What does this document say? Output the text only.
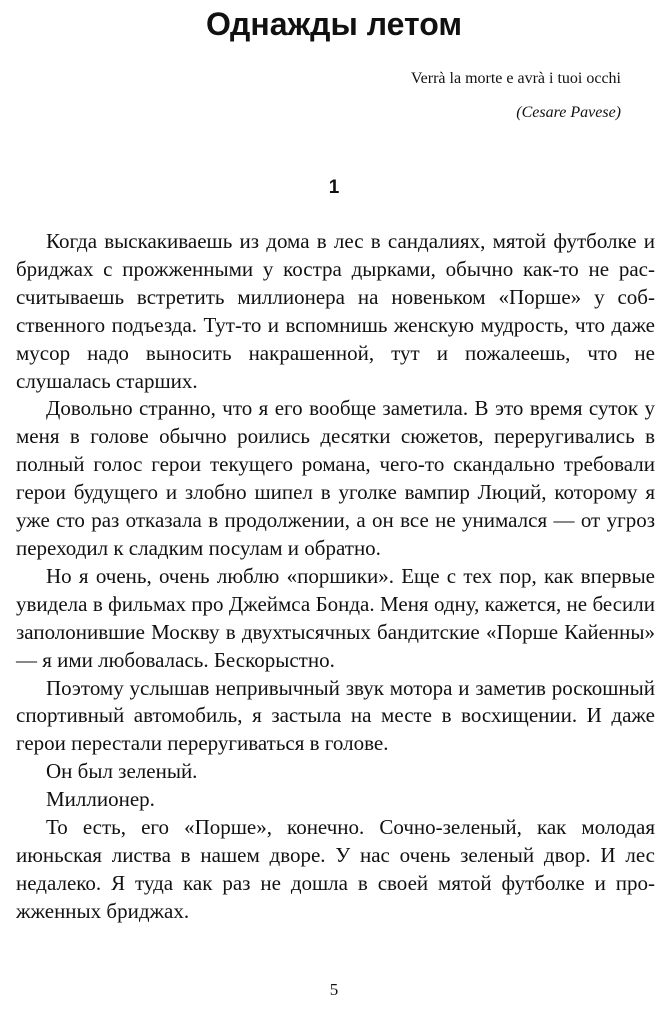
Однажды летом
Verrà la morte e avrà i tuoi occhi
(Cesare Pavese)
1

Когда выскакиваешь из дома в лес в сандалиях, мятой футболке и бриджах с прожженными у костра дырками, обычно как-то не рассчитываешь встретить миллионера на новеньком «Порше» у собственного подъезда. Тут-то и вспомнишь женскую мудрость, что даже мусор надо выносить накрашенной, тут и пожалеешь, что не слушалась старших.

Довольно странно, что я его вообще заметила. В это время суток у меня в голове обычно роились десятки сюжетов, переругивались в полный голос герои текущего романа, чего-то скандально требовали герои будущего и злобно шипел в уголке вампир Люций, которому я уже сто раз отказала в продолжении, а он все не унимался — от угроз переходил к сладким посулам и обратно.

Но я очень, очень люблю «поршики». Еще с тех пор, как впервые увидела в фильмах про Джеймса Бонда. Меня одну, кажется, не бесили заполонившие Москву в двухтысячных бандитские «Порше Кайенны» — я ими любовалась. Бескорыстно.

Поэтому услышав непривычный звук мотора и заметив роскошный спортивный автомобиль, я застыла на месте в восхищении. И даже герои перестали переругиваться в голове.

Он был зеленый.

Миллионер.

То есть, его «Порше», конечно. Сочно-зеленый, как молодая июньская листва в нашем дворе. У нас очень зеленый двор. И лес недалеко. Я туда как раз не дошла в своей мятой футболке и прожженных бриджах.

5
